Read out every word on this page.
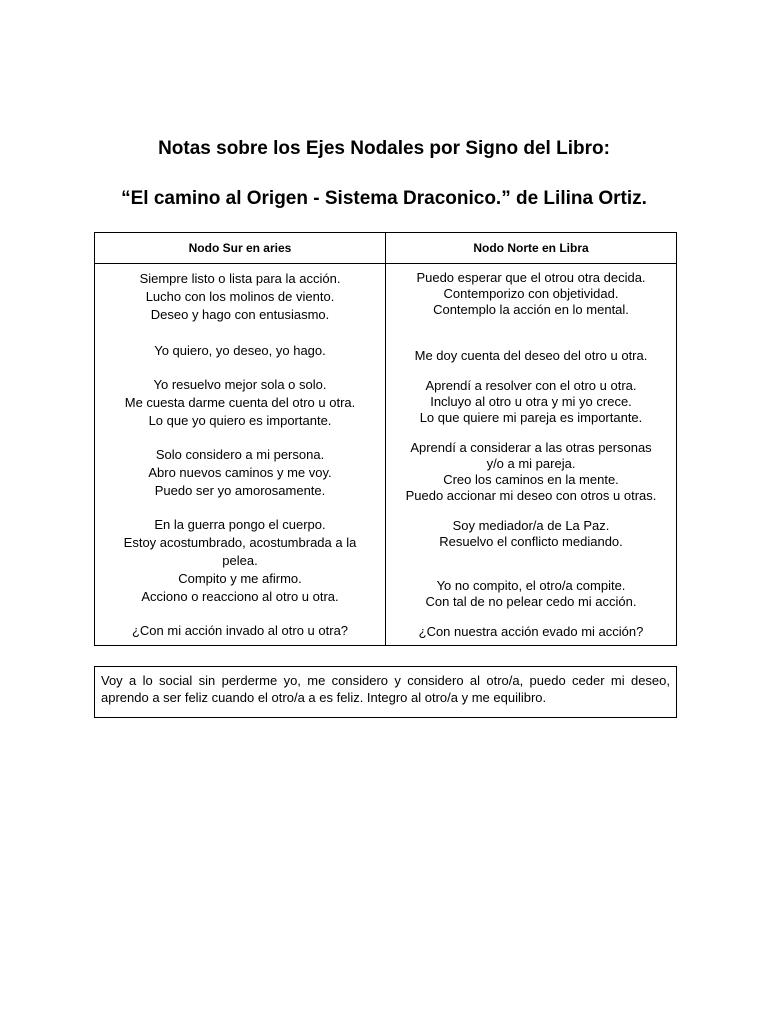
Notas sobre los Ejes Nodales por Signo del Libro:
“El camino al Origen - Sistema Draconico.” de Lilina Ortiz.
Nodo Sur en aries	Nodo Norte en Libra
Siempre listo o lista para la acción.
Lucho con los molinos de viento.
Deseo y hago con entusiasmo.
Yo quiero, yo deseo, yo hago.
Yo resuelvo mejor sola o solo.
Me cuesta darme cuenta del otro u otra.
Lo que yo quiero es importante.
Solo considero a mi persona.
Abro nuevos caminos y me voy.
Puedo ser yo amorosamente.
En la guerra pongo el cuerpo.
Estoy acostumbrado, acostumbrada a la pelea.
Compito y me afirmo.
Acciono o reacciono al otro u otra.
¿Con mi acción invado al otro u otra?
Puedo esperar que el otrou otra decida.
Contemporizo con objetividad.
Contemplo la acción en lo mental.
Me doy cuenta del deseo del otro u otra.
Aprendí a resolver con el otro u otra.
Incluyo al otro u otra y mi yo crece.
Lo que quiere mi pareja es importante.
Aprendí a considerar a las otras personas y/o a mi pareja.
Creo los caminos en la mente.
Puedo accionar mi deseo con otros u otras.
Soy mediador/a de La Paz.
Resuelvo el conflicto mediando.
Yo no compito, el otro/a compite.
Con tal de no pelear cedo mi acción.
¿Con nuestra acción evado mi acción?
Voy a lo social sin perderme yo, me considero y considero al otro/a, puedo ceder mi deseo, aprendo a ser feliz cuando el otro/a a es feliz. Integro al otro/a y me equilibro.
